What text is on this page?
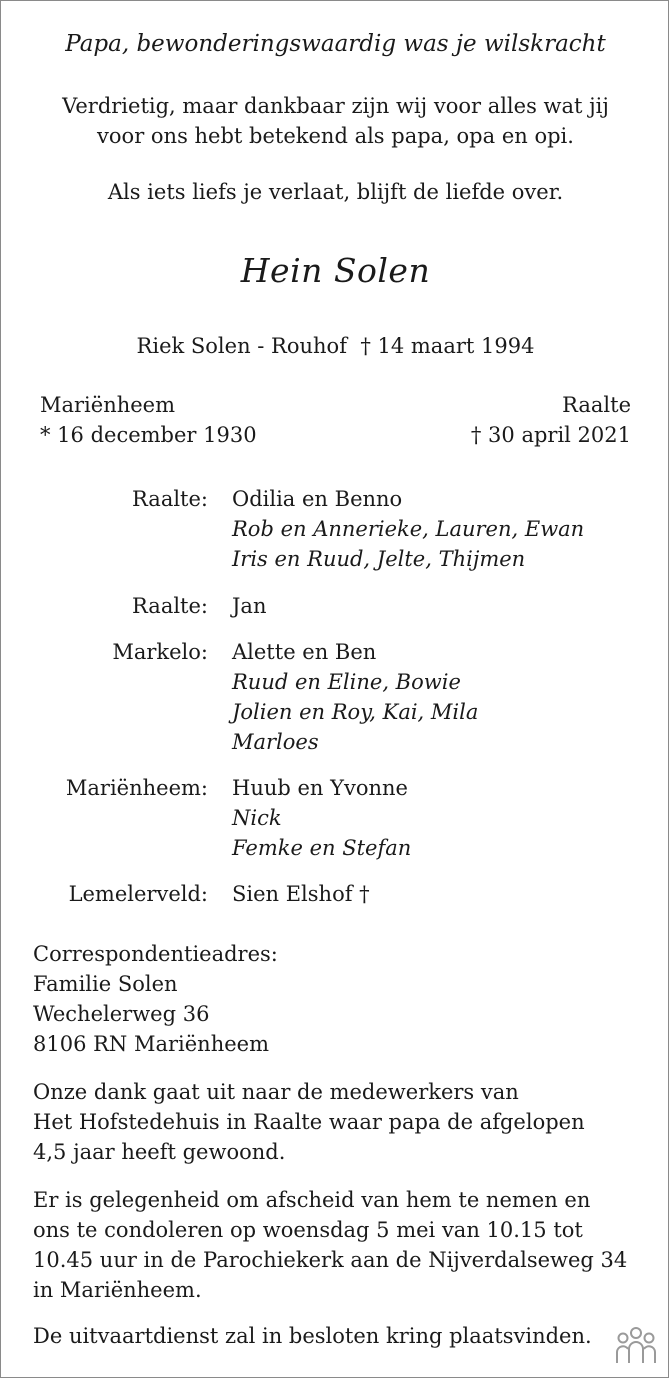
Papa, bewonderingswaardig was je wilskracht
Verdrietig, maar dankbaar zijn wij voor alles wat jij
voor ons hebt betekend als papa, opa en opi.
Als iets liefs je verlaat, blijft de liefde over.
Hein Solen
Riek Solen - Rouhof  † 14 maart 1994
Mariënheem
* 16 december 1930
Raalte
† 30 april 2021
Raalte: Odilia en Benno
Rob en Annerieke, Lauren, Ewan
Iris en Ruud, Jelte, Thijmen
Raalte: Jan
Markelo: Alette en Ben
Ruud en Eline, Bowie
Jolien en Roy, Kai, Mila
Marloes
Mariënheem: Huub en Yvonne
Nick
Femke en Stefan
Lemelerveld: Sien Elshof †
Correspondentieadres:
Familie Solen
Wechelerweg 36
8106 RN Mariënheem
Onze dank gaat uit naar de medewerkers van
Het Hofstedehuis in Raalte waar papa de afgelopen
4,5 jaar heeft gewoond.
Er is gelegenheid om afscheid van hem te nemen en
ons te condoleren op woensdag 5 mei van 10.15 tot
10.45 uur in de Parochiekerk aan de Nijverdalseweg 34
in Mariënheem.
De uitvaartdienst zal in besloten kring plaatsvinden.
